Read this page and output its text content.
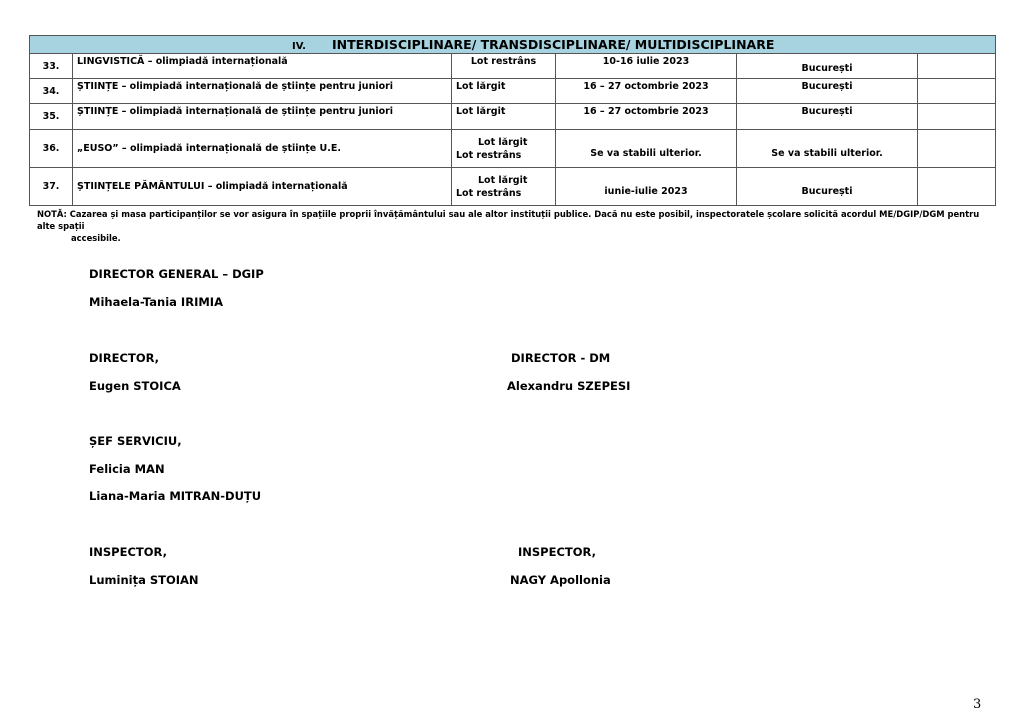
IV. INTERDISCIPLINARE/ TRANSDISCIPLINARE/ MULTIDISCIPLINARE					
33.	LINGVISTICĂ – olimpiadă internațională	Lot restrâns	10-16 iulie 2023	București	
34.	ȘTIINȚE – olimpiadă internațională de științe pentru juniori	Lot lărgit	16 – 27 octombrie 2023	București	
35.	ȘTIINȚE – olimpiadă internațională de științe pentru juniori	Lot lărgit	16 – 27 octombrie 2023	București	
36.	„EUSO” – olimpiadă internațională de științe U.E.	Lot lărgit
Lot restrâns	Se va stabili ulterior.	Se va stabili ulterior.	
37.	ȘTIINȚELE PĂMÂNTULUI – olimpiadă internațională	Lot lărgit
Lot restrâns	iunie-iulie 2023	București	
NOTĂ: Cazarea și masa participanților se vor asigura în spațiile proprii învățământului sau ale altor instituții publice. Dacă nu este posibil, inspectoratele școlare solicită acordul ME/DGIP/DGM pentru alte spații
accesibile.
DIRECTOR GENERAL – DGIP
Mihaela-Tania IRIMIA
DIRECTOR,
Eugen STOICA
DIRECTOR - DM
Alexandru SZEPESI
ȘEF SERVICIU,
Felicia MAN
Liana-Maria MITRAN-DUȚU
INSPECTOR,
Luminița STOIAN
INSPECTOR,
NAGY Apollonia
3
